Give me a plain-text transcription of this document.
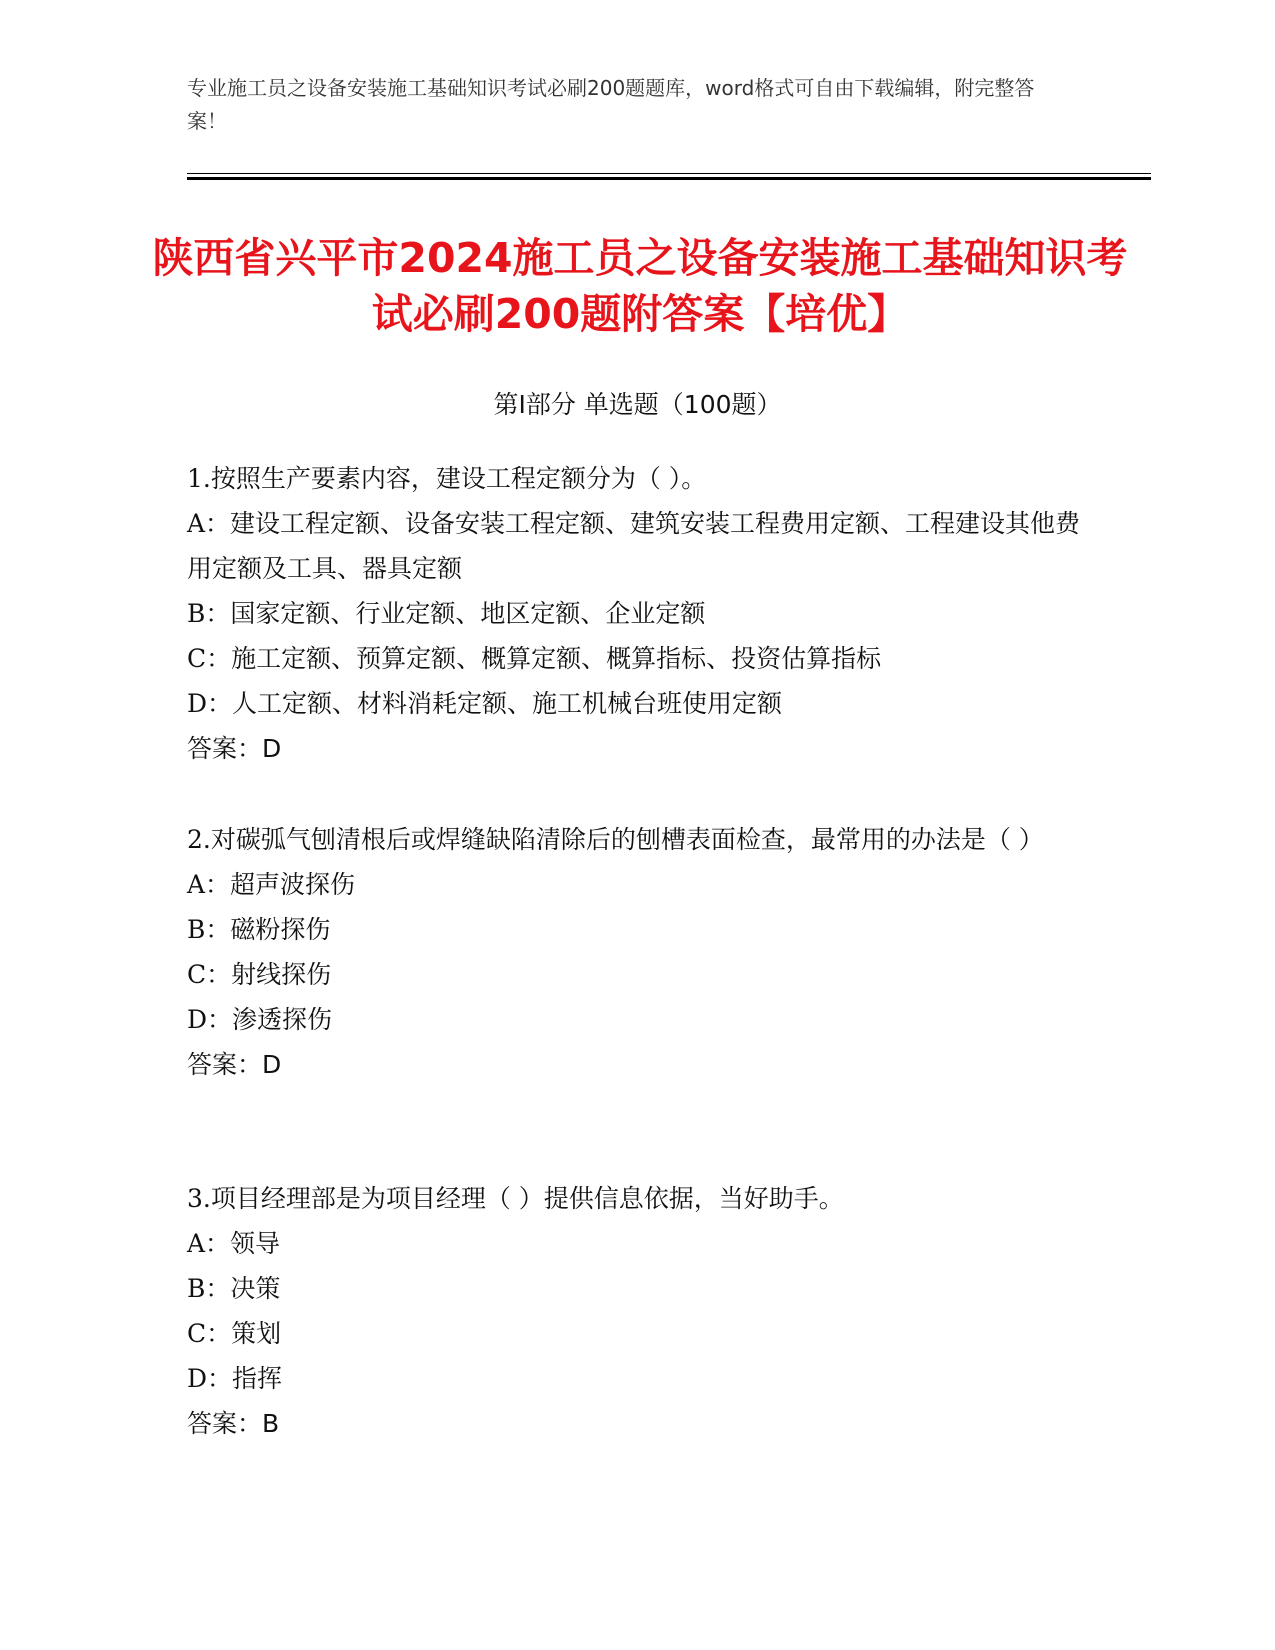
专业施工员之设备安装施工基础知识考试必刷200题题库，word格式可自由下载编辑，附完整答案！
陕西省兴平市2024施工员之设备安装施工基础知识考试必刷200题附答案【培优】
第I部分 单选题（100题）
1.按照生产要素内容，建设工程定额分为（ ）。
A：建设工程定额、设备安装工程定额、建筑安装工程费用定额、工程建设其他费用定额及工具、器具定额
B：国家定额、行业定额、地区定额、企业定额
C：施工定额、预算定额、概算定额、概算指标、投资估算指标
D：人工定额、材料消耗定额、施工机械台班使用定额
答案：D
2.对碳弧气刨清根后或焊缝缺陷清除后的刨槽表面检查，最常用的办法是（ ）
A：超声波探伤
B：磁粉探伤
C：射线探伤
D：渗透探伤
答案：D
3.项目经理部是为项目经理（ ）提供信息依据，当好助手。
A：领导
B：决策
C：策划
D：指挥
答案：B
